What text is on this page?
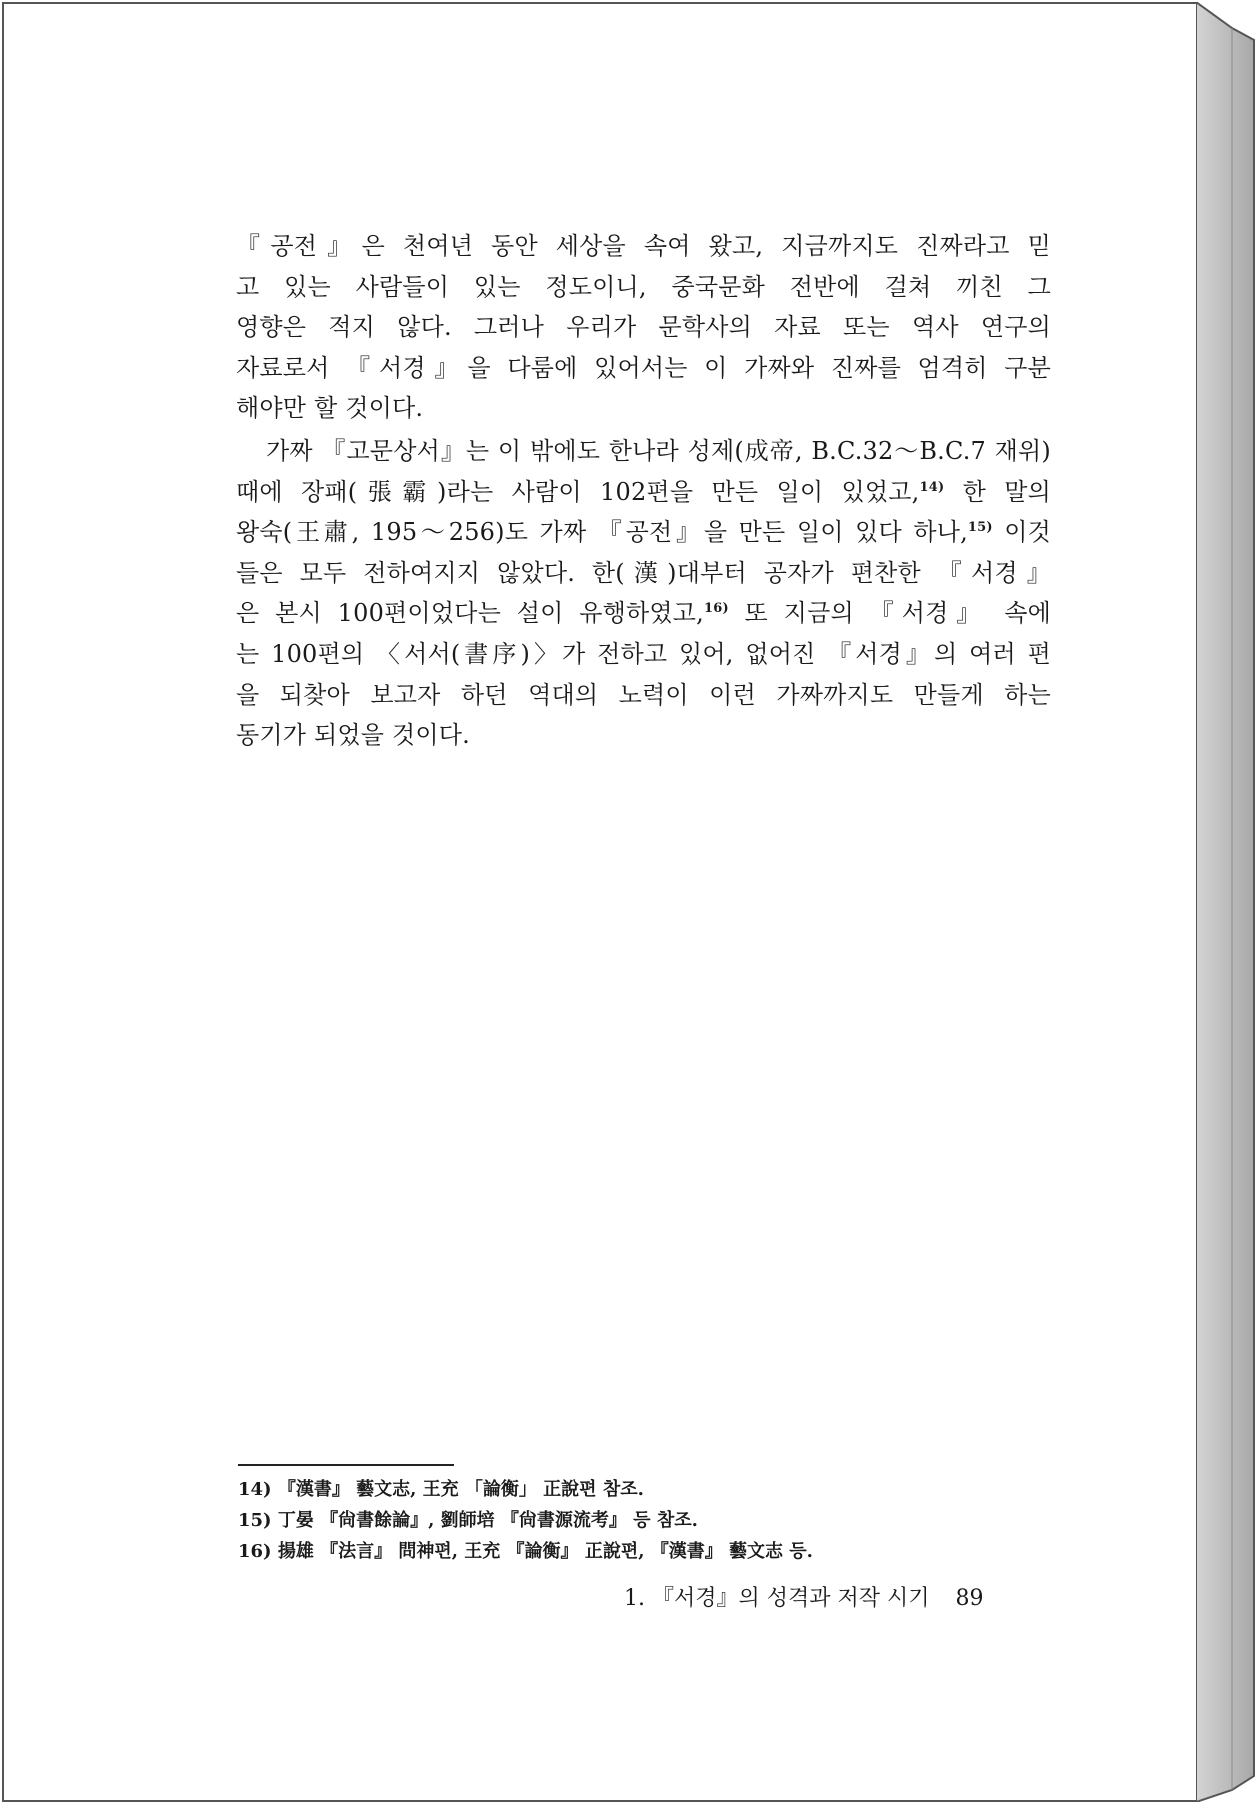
『공전』은 천여년 동안 세상을 속여 왔고, 지금까지도 진짜라고 믿
고 있는 사람들이 있는 정도이니, 중국문화 전반에 걸쳐 끼친 그
영향은 적지 않다. 그러나 우리가 문학사의 자료 또는 역사 연구의
자료로서 『서경』을 다룸에 있어서는 이 가짜와 진짜를 엄격히 구분
해야만 할 것이다.

가짜 『고문상서』는 이 밖에도 한나라 성제(成帝, B.C.32～B.C.7 재위)
때에 장패(張霸)라는 사람이 102편을 만든 일이 있었고,$^{14)}$ 한 말의
왕숙(王肅, 195～256)도 가짜 『공전』을 만든 일이 있다 하나,$^{15)}$ 이것
들은 모두 전하여지지 않았다. 한(漢)대부터 공자가 편찬한 『서경』
은 본시 100편이었다는 설이 유행하였고,$^{16)}$ 또 지금의 『서경』 속에
는 100편의 〈서서(書序)〉가 전하고 있어, 없어진 『서경』의 여러 편
을 되찾아 보고자 하던 역대의 노력이 이런 가짜까지도 만들게 하는
동기가 되었을 것이다.

14) 『漢書』 藝文志, 王充 「論衡」 正說편 참조.
15) 丁晏 『尙書餘論』, 劉師培 『尙書源流考』 등 참조.
16) 揚雄 『法言』 問神편, 王充 『論衡』 正說편, 『漢書』 藝文志 등.
1. 『서경』의 성격과 저작 시기 89
